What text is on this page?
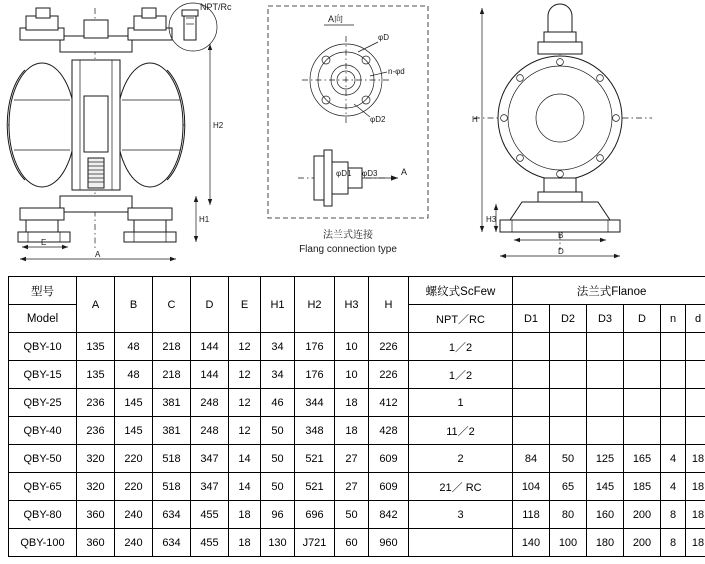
NPT/Rc
E
A
H1
H2
A向
φD
n-φd
φD2
φD1 φD3	A
法兰式连接
Flang connection type
H
H3
B
D
型号	A	B	C	D	E	H1	H2	H3	H	螺纹式ScFew	法兰式Flanoe					
Model										NPT／RC	D1	D2	D3	D	n	d
QBY-10	135	48	218	144	12	34	176	10	226	1／2						
QBY-15	135	48	218	144	12	34	176	10	226	1／2						
QBY-25	236	145	381	248	12	46	344	18	412	1						
QBY-40	236	145	381	248	12	50	348	18	428	11／2						
QBY-50	320	220	518	347	14	50	521	27	609	2	84	50	125	165	4	18
QBY-65	320	220	518	347	14	50	521	27	609	21／ RC	104	65	145	185	4	18
QBY-80	360	240	634	455	18	96	696	50	842	3	118	80	160	200	8	18
QBY-100	360	240	634	455	18	130	J721	60	960		140	100	180	200	8	18
